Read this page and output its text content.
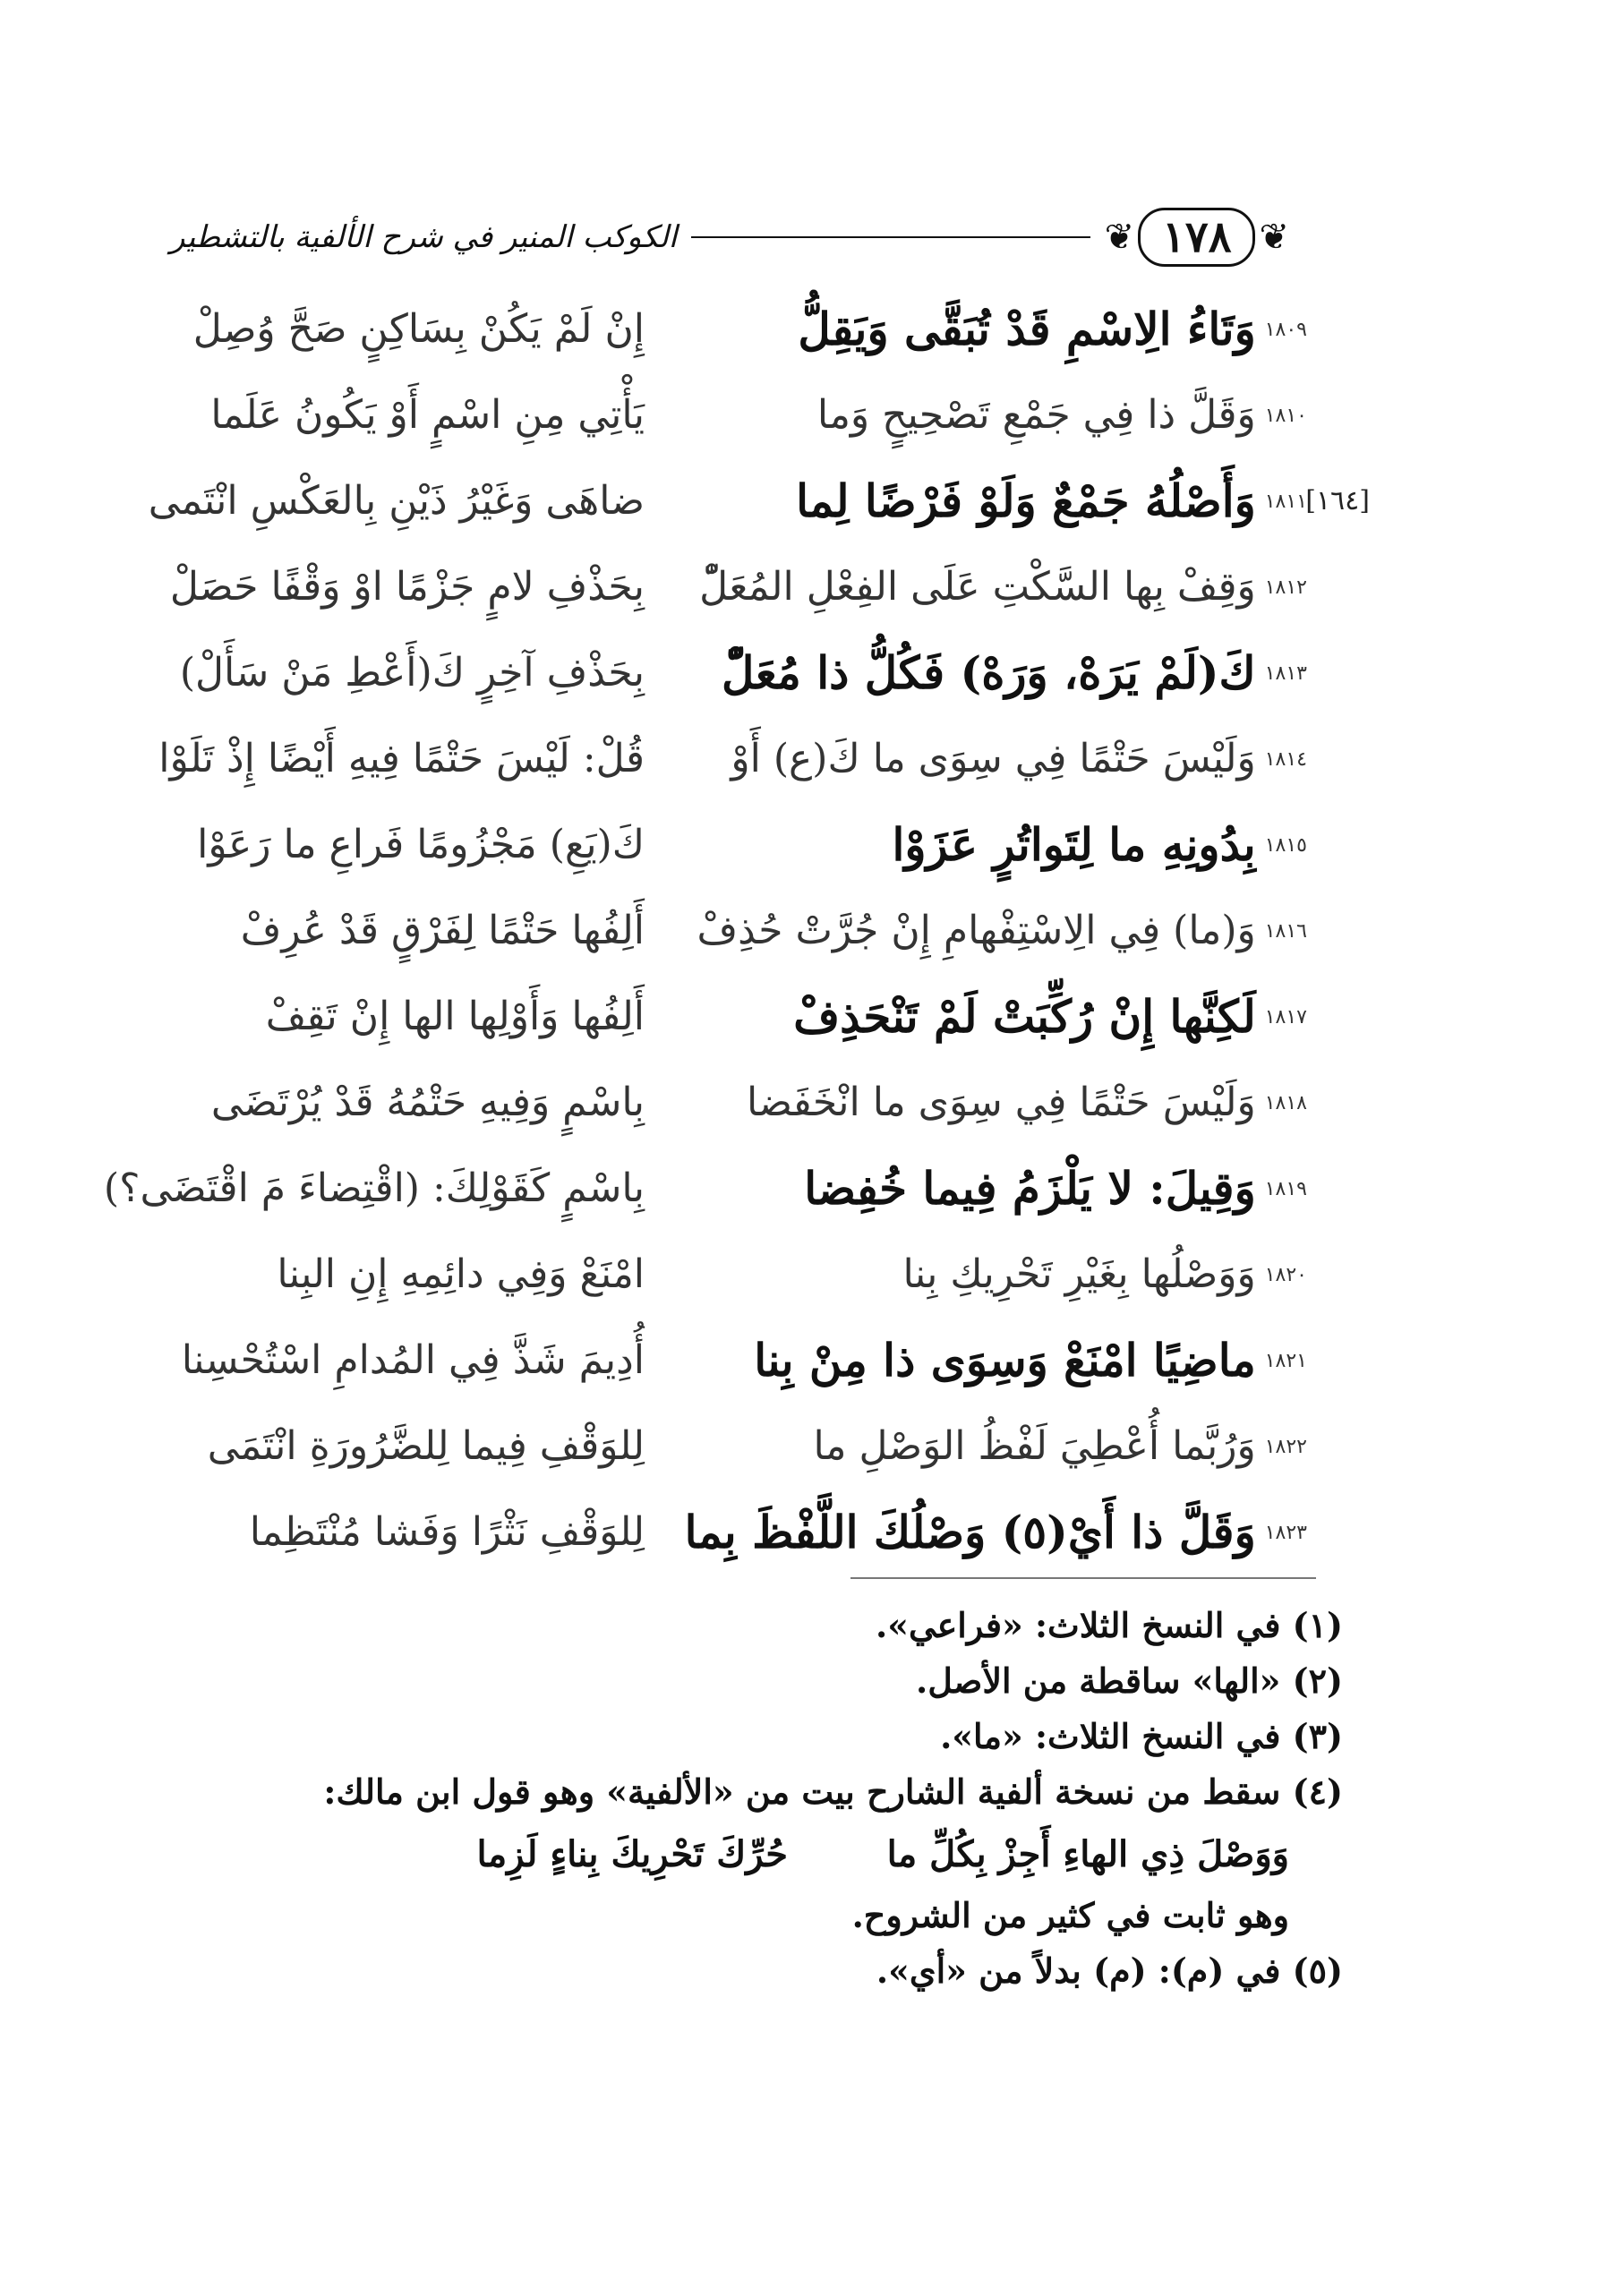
❦
١٧٨
❦
الكوكب المنير في شرح الألفية بالتشطير
١٨٠٩
وَتَاءُ الِاسْمِ قَدْ تُبَقَّى وَيَقِلُّ
إِنْ لَمْ يَكُنْ بِسَاكِنٍ صَحَّ وُصِلْ
١٨١٠
وَقَلَّ ذا فِي جَمْعِ تَصْحِيحٍ وَما
يَأْتِي مِنِ اسْمٍ أَوْ يَكُونُ عَلَما
[١٦٤]
١٨١١
وَأَصْلُهُ جَمْعٌ وَلَوْ فَرْضًا لِما
ضاهَى وَغَيْرُ ذَيْنِ بِالعَكْسِ انْتَمى
١٨١٢
وَقِفْ بِها السَّكْتِ عَلَى الفِعْلِ المُعَلّْ
بِحَذْفِ لامٍ جَزْمًا اوْ وَقْفًا حَصَلْ
١٨١٣
كَ(لَمْ يَرَهْ، وَرَهْ) فَكُلُّ ذا مُعَلّْ
بِحَذْفِ آخِرٍ كَ(أَعْطِ مَنْ سَأَلْ)
١٨١٤
وَلَيْسَ حَتْمًا فِي سِوَى ما كَ(ع) أَوْ
قُلْ: لَيْسَ حَتْمًا فِيهِ أَيْضًا إِذْ تَلَوْا
١٨١٥
بِدُونِهِ ما لِتَواتُرٍ عَزَوْا
كَ(يَعِ) مَجْزُومًا فَراعِ ما رَعَوْا
١٨١٦
وَ(ما) فِي الِاسْتِفْهامِ إِنْ جُرَّتْ حُذِفْ
أَلِفُها حَتْمًا لِفَرْقٍ قَدْ عُرِفْ
١٨١٧
لَكِنَّها إِنْ رُكِّبَتْ لَمْ تَنْحَذِفْ
أَلِفُها وَأَوْلِها الها إِنْ تَقِفْ
١٨١٨
وَلَيْسَ حَتْمًا فِي سِوَى ما انْخَفَضا
بِاسْمٍ وَفِيهِ حَتْمُهُ قَدْ يُرْتَضَى
١٨١٩
وَقِيلَ: لا يَلْزَمُ فِيما خُفِضا
بِاسْمٍ كَقَوْلِكَ: (اقْتِضاءَ مَ اقْتَضَى؟)
١٨٢٠
وَوَصْلُها بِغَيْرِ تَحْرِيكِ بِنا
امْنَعْ وَفِي دائِمِهِ إِنِ البِنا
١٨٢١
ماضِيًا امْنَعْ وَسِوَى ذا مِنْ بِنا
أُدِيمَ شَذَّ فِي المُدامِ اسْتُحْسِنا
١٨٢٢
وَرُبَّما أُعْطِيَ لَفْظُ الوَصْلِ ما
لِلوَقْفِ فِيما لِلضَّرُورَةِ انْتَمَى
١٨٢٣
وَقَلَّ ذا أَيْ(٥) وَصْلُكَ اللَّفْظَ بِما
لِلوَقْفِ نَثْرًا وَفَشا مُنْتَظِما
(١) في النسخ الثلاث: «فراعي».
(٢) «الها» ساقطة من الأصل.
(٣) في النسخ الثلاث: «ما».
(٤) سقط من نسخة ألفية الشارح بيت من «الألفية» وهو قول ابن مالك:
وَوَصْلَ ذِي الهاءِ أَجِزْ بِكُلِّ ما
حُرِّكَ تَحْرِيكَ بِناءٍ لَزِما
وهو ثابت في كثير من الشروح.
(٥) في (م): (م) بدلاً من «أي».
